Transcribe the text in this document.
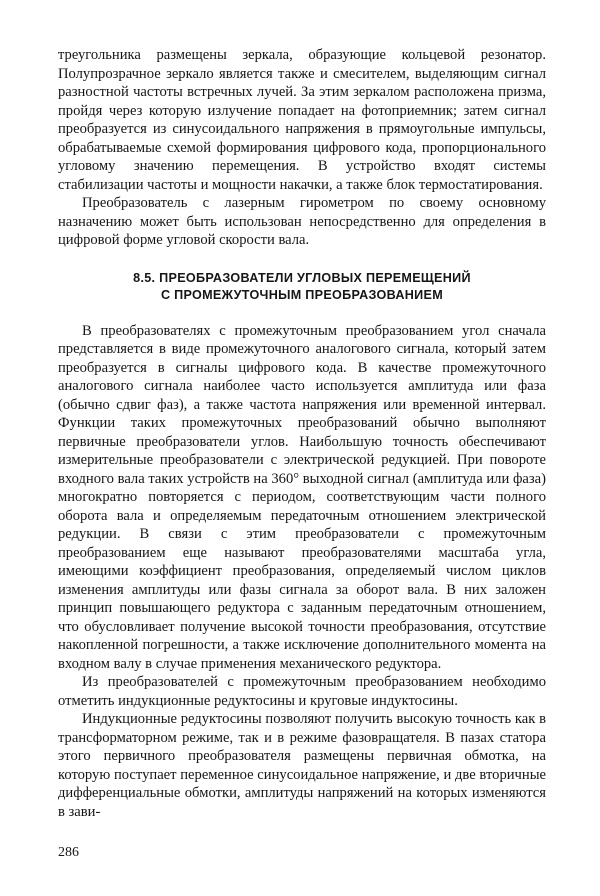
треугольника размещены зеркала, образующие кольцевой резонатор. Полупрозрачное зеркало является также и смесителем, выделяющим сигнал разностной частоты встречных лучей. За этим зеркалом расположена призма, пройдя через которую излучение попадает на фотоприемник; затем сигнал преобразуется из синусоидального напряжения в прямоугольные импульсы, обрабатываемые схемой формирования цифрового кода, пропорционального угловому значению перемещения. В устройство входят системы стабилизации частоты и мощности накачки, а также блок термостатирования.

Преобразователь с лазерным гирометром по своему основному назначению может быть использован непосредственно для определения в цифровой форме угловой скорости вала.

8.5. ПРЕОБРАЗОВАТЕЛИ УГЛОВЫХ ПЕРЕМЕЩЕНИЙ
С ПРОМЕЖУТОЧНЫМ ПРЕОБРАЗОВАНИЕМ

В преобразователях с промежуточным преобразованием угол сначала представляется в виде промежуточного аналогового сигнала, который затем преобразуется в сигналы цифрового кода. В качестве промежуточного аналогового сигнала наиболее часто используется амплитуда или фаза (обычно сдвиг фаз), а также частота напряжения или временной интервал. Функции таких промежуточных преобразований обычно выполняют первичные преобразователи углов. Наибольшую точность обеспечивают измерительные преобразователи с электрической редукцией. При повороте входного вала таких устройств на 360° выходной сигнал (амплитуда или фаза) многократно повторяется с периодом, соответствующим части полного оборота вала и определяемым передаточным отношением электрической редукции. В связи с этим преобразователи с промежуточным преобразованием еще называют преобразователями масштаба угла, имеющими коэффициент преобразования, определяемый числом циклов изменения амплитуды или фазы сигнала за оборот вала. В них заложен принцип повышающего редуктора с заданным передаточным отношением, что обусловливает получение высокой точности преобразования, отсутствие накопленной погрешности, а также исключение дополнительного момента на входном валу в случае применения механического редуктора.

Из преобразователей с промежуточным преобразованием необходимо отметить индукционные редуктосины и круговые индуктосины.

Индукционные редуктосины позволяют получить высокую точность как в трансформаторном режиме, так и в режиме фазовращателя. В пазах статора этого первичного преобразователя размещены первичная обмотка, на которую поступает переменное синусоидальное напряжение, и две вторичные дифференциальные обмотки, амплитуды напряжений на которых изменяются в зави-

286
